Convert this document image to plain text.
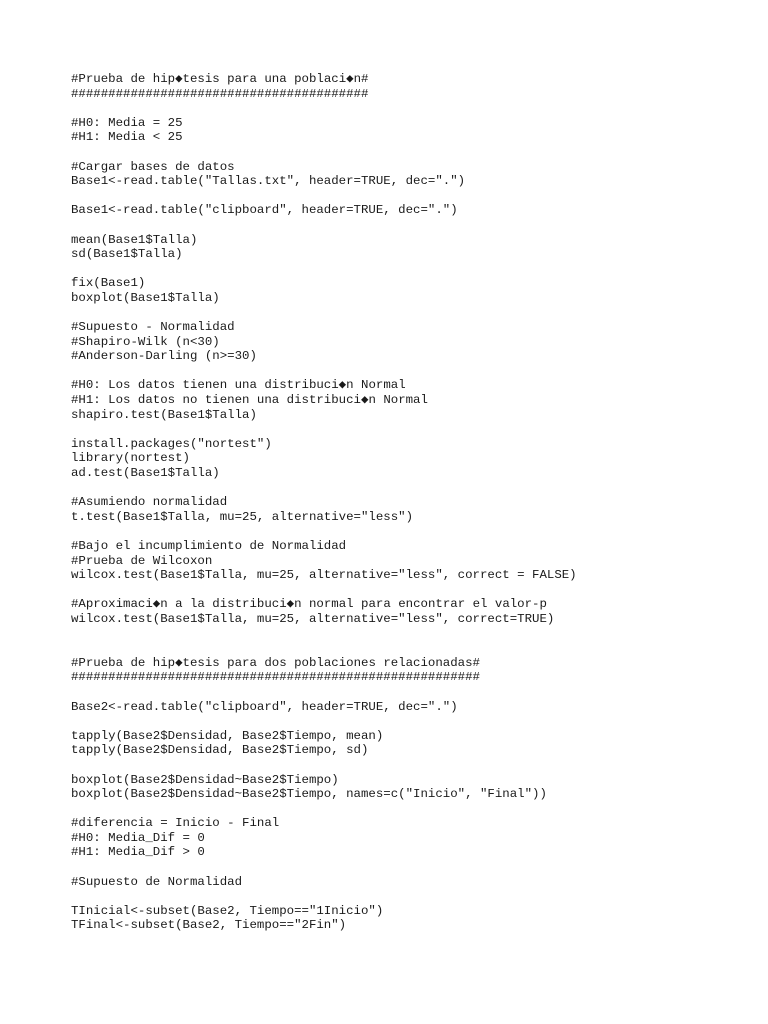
#Prueba de hip◆tesis para una poblaci◆n#
########################################
#H0: Media = 25
#H1: Media < 25
#Cargar bases de datos
Base1<-read.table("Tallas.txt", header=TRUE, dec=".")
Base1<-read.table("clipboard", header=TRUE, dec=".")
mean(Base1$Talla)
sd(Base1$Talla)
fix(Base1)
boxplot(Base1$Talla)
#Supuesto - Normalidad
#Shapiro-Wilk (n<30)
#Anderson-Darling (n>=30)
#H0: Los datos tienen una distribuci◆n Normal
#H1: Los datos no tienen una distribuci◆n Normal
shapiro.test(Base1$Talla)
install.packages("nortest")
library(nortest)
ad.test(Base1$Talla)
#Asumiendo normalidad
t.test(Base1$Talla, mu=25, alternative="less")
#Bajo el incumplimiento de Normalidad
#Prueba de Wilcoxon
wilcox.test(Base1$Talla, mu=25, alternative="less", correct = FALSE)
#Aproximaci◆n a la distribuci◆n normal para encontrar el valor-p
wilcox.test(Base1$Talla, mu=25, alternative="less", correct=TRUE)
#Prueba de hip◆tesis para dos poblaciones relacionadas#
#######################################################
Base2<-read.table("clipboard", header=TRUE, dec=".")
tapply(Base2$Densidad, Base2$Tiempo, mean)
tapply(Base2$Densidad, Base2$Tiempo, sd)
boxplot(Base2$Densidad~Base2$Tiempo)
boxplot(Base2$Densidad~Base2$Tiempo, names=c("Inicio", "Final"))
#diferencia = Inicio - Final
#H0: Media_Dif = 0
#H1: Media_Dif > 0
#Supuesto de Normalidad
TInicial<-subset(Base2, Tiempo=="1Inicio")
TFinal<-subset(Base2, Tiempo=="2Fin")
